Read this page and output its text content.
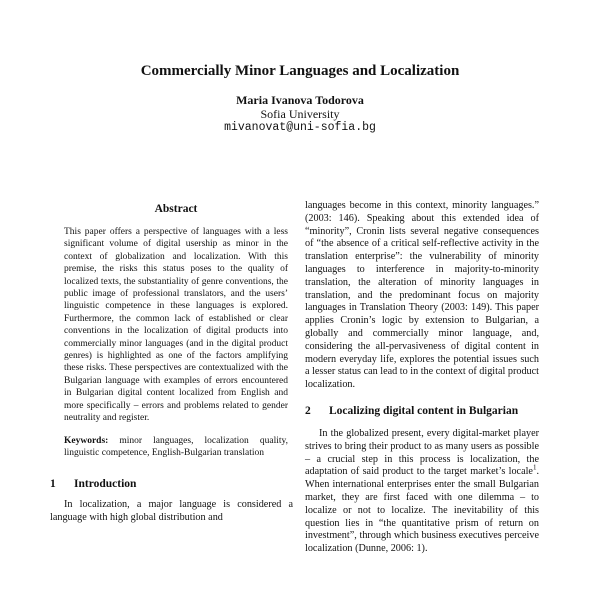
Commercially Minor Languages and Localization
Maria Ivanova Todorova
Sofia University
mivanovat@uni-sofia.bg
Abstract

This paper offers a perspective of languages with a less significant volume of digital usership as minor in the context of globalization and localization. With this premise, the risks this status poses to the quality of localized texts, the substantiality of genre conventions, the public image of professional translators, and the users’ linguistic competence in these languages is explored. Furthermore, the common lack of established or clear conventions in the localization of digital products into commercially minor languages (and in the digital product genres) is highlighted as one of the factors amplifying these risks. These perspectives are contextualized with the Bulgarian language with examples of errors encountered in Bulgarian digital content localized from English and more specifically – errors and problems related to gender neutrality and register.

Keywords: minor languages, localization quality, linguistic competence, English-Bulgarian translation

1 Introduction

In localization, a major language is considered a language with high global distribution and

languages become in this context, minority languages.” (2003: 146). Speaking about this extended idea of “minority”, Cronin lists several negative consequences of “the absence of a critical self-reflective activity in the translation enterprise”: the vulnerability of minority languages to interference in majority-to-minority translation, the alteration of minority languages in translation, and the predominant focus on majority languages in Translation Theory (2003: 149). This paper applies Cronin’s logic by extension to Bulgarian, a globally and commercially minor language, and, considering the all-pervasiveness of digital content in modern everyday life, explores the potential issues such a lesser status can lead to in the context of digital product localization.

2 Localizing digital content in Bulgarian

In the globalized present, every digital-market player strives to bring their product to as many users as possible – a crucial step in this process is localization, the adaptation of said product to the target market’s locale$^1$. When international enterprises enter the small Bulgarian market, they are first faced with one dilemma – to localize or not to localize. The inevitability of this question lies in “the quantitative prism of return on investment”, through which business executives perceive localization (Dunne, 2006: 1).
